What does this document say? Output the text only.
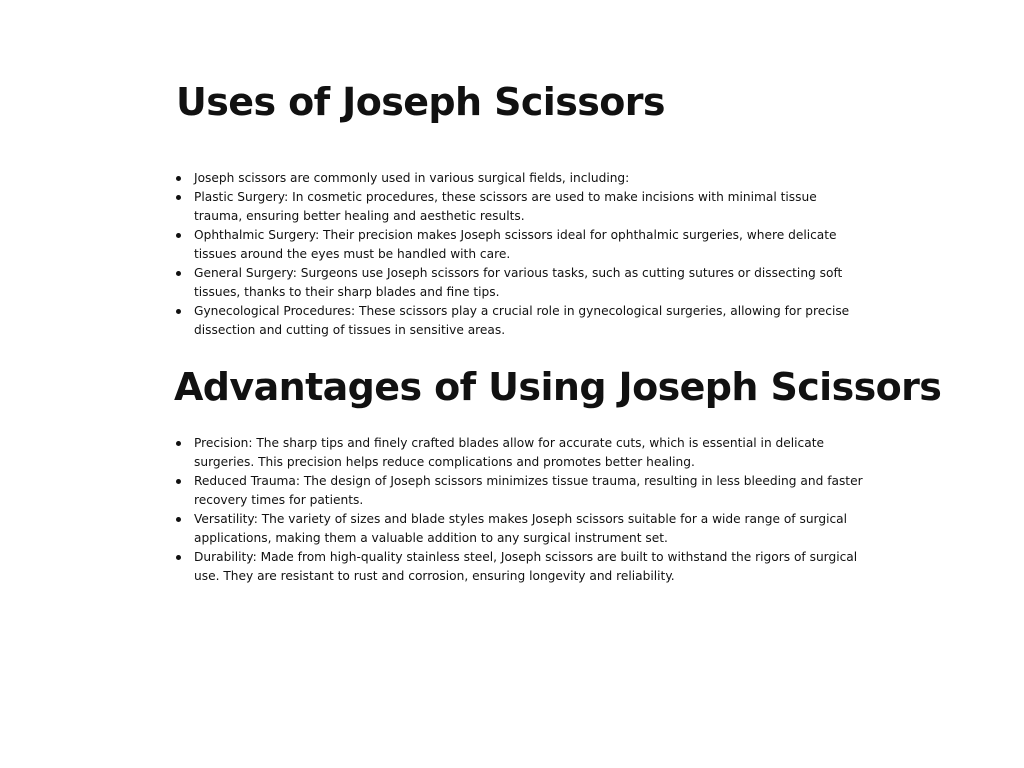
Uses of Joseph Scissors
Joseph scissors are commonly used in various surgical fields, including:
Plastic Surgery: In cosmetic procedures, these scissors are used to make incisions with minimal tissue trauma, ensuring better healing and aesthetic results.
Ophthalmic Surgery: Their precision makes Joseph scissors ideal for ophthalmic surgeries, where delicate tissues around the eyes must be handled with care.
General Surgery: Surgeons use Joseph scissors for various tasks, such as cutting sutures or dissecting soft tissues, thanks to their sharp blades and fine tips.
Gynecological Procedures: These scissors play a crucial role in gynecological surgeries, allowing for precise dissection and cutting of tissues in sensitive areas.
Advantages of Using Joseph Scissors
Precision: The sharp tips and finely crafted blades allow for accurate cuts, which is essential in delicate surgeries. This precision helps reduce complications and promotes better healing.
Reduced Trauma: The design of Joseph scissors minimizes tissue trauma, resulting in less bleeding and faster recovery times for patients.
Versatility: The variety of sizes and blade styles makes Joseph scissors suitable for a wide range of surgical applications, making them a valuable addition to any surgical instrument set.
Durability: Made from high-quality stainless steel, Joseph scissors are built to withstand the rigors of surgical use. They are resistant to rust and corrosion, ensuring longevity and reliability.
